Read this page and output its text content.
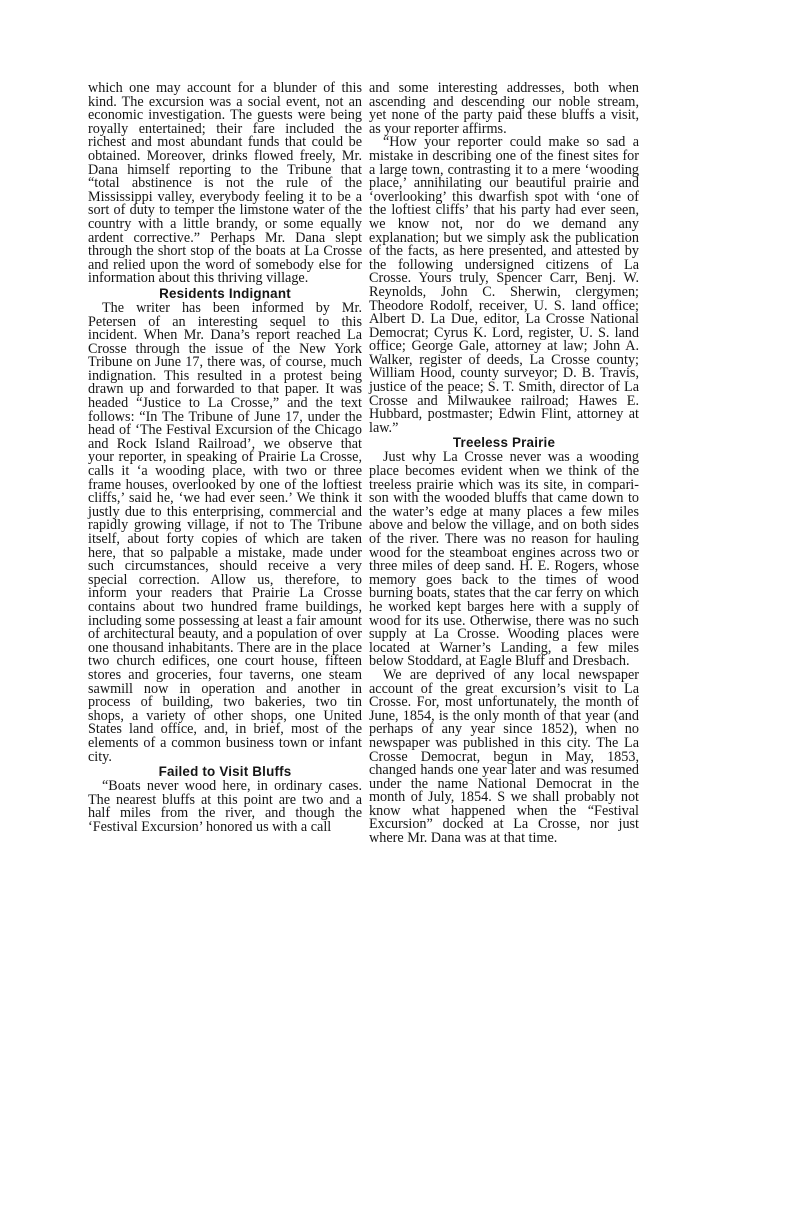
which one may account for a blunder of this kind. The excursion was a social event, not an economic investigation. The guests were being royally entertained; their fare included the richest and most abundant funds that could be obtained. Moreover, drinks flowed freely, Mr. Dana himself reporting to the Tribune that “total abstinence is not the rule of the Mississippi valley, everybody feeling it to be a sort of duty to temper the limstone water of the country with a little brandy, or some equally ardent corrective.” Perhaps Mr. Dana slept through the short stop of the boats at La Crosse and relied upon the word of somebody else for information about this thriving village.

Residents Indignant

The writer has been informed by Mr. Petersen of an interesting sequel to this incident. When Mr. Dana’s report reached La Crosse through the issue of the New York Tribune on June 17, there was, of course, much indignation. This resulted in a protest being drawn up and forwarded to that paper. It was headed “Justice to La Crosse,” and the text follows: “In The Tribune of June 17, under the head of ‘The Festival Excursion of the Chicago and Rock Island Railroad’, we observe that your reporter, in speaking of Prairie La Crosse, calls it ‘a wooding place, with two or three frame houses, overlooked by one of the loftiest cliffs,’ said he, ‘we had ever seen.’ We think it justly due to this enterprising, commercial and rapidly growing village, if not to The Tribune itself, about forty copies of which are taken here, that so palpable a mistake, made under such circumstances, should receive a very special correction. Allow us, therefore, to inform your readers that Prairie La Crosse contains about two hundred frame buildings, including some possessing at least a fair amount of architectural beauty, and a population of over one thousand inhabitants. There are in the place two church edifices, one court house, fifteen stores and groceries, four taverns, one steam sawmill now in operation and another in process of building, two bakeries, two tin shops, a variety of other shops, one United States land office, and, in brief, most of the elements of a common business town or infant city.

Failed to Visit Bluffs

“Boats never wood here, in ordinary cases. The nearest bluffs at this point are two and a half miles from the river, and though the ‘Festival Excursion’ honored us with a call

and some interesting addresses, both when ascending and descending our noble stream, yet none of the party paid these bluffs a visit, as your reporter affirms.

“How your reporter could make so sad a mistake in describing one of the finest sites for a large town, contrasting it to a mere ‘wooding place,’ annihilating our beautiful prairie and ‘overlooking’ this dwarfish spot with ‘one of the loftiest cliffs’ that his party had ever seen, we know not, nor do we demand any explanation; but we simply ask the publication of the facts, as here presented, and attested by the following undersigned citizens of La Crosse. Yours truly, Spencer Carr, Benj. W. Reynolds, John C. Sherwin, clergymen; Theodore Rodolf, receiver, U. S. land office; Albert D. La Due, editor, La Crosse National Democrat; Cyrus K. Lord, register, U. S. land office; George Gale, attorney at law; John A. Walker, register of deeds, La Crosse county; William Hood, county surveyor; D. B. Travis, justice of the peace; S. T. Smith, director of La Crosse and Milwaukee railroad; Hawes E. Hubbard, postmaster; Edwin Flint, attorney at law.”

Treeless Prairie

Just why La Crosse never was a wooding place becomes evident when we think of the treeless prairie which was its site, in comparison with the wooded bluffs that came down to the water’s edge at many places a few miles above and below the village, and on both sides of the river. There was no reason for hauling wood for the steamboat engines across two or three miles of deep sand. H. E. Rogers, whose memory goes back to the times of wood burning boats, states that the car ferry on which he worked kept barges here with a supply of wood for its use. Otherwise, there was no such supply at La Crosse. Wooding places were located at Warner’s Landing, a few miles below Stoddard, at Eagle Bluff and Dresbach.

We are deprived of any local newspaper account of the great excursion’s visit to La Crosse. For, most unfortunately, the month of June, 1854, is the only month of that year (and perhaps of any year since 1852), when no newspaper was published in this city. The La Crosse Democrat, begun in May, 1853, changed hands one year later and was resumed under the name National Democrat in the month of July, 1854. S we shall probably not know what happened when the “Festival Excursion” docked at La Crosse, nor just where Mr. Dana was at that time.
